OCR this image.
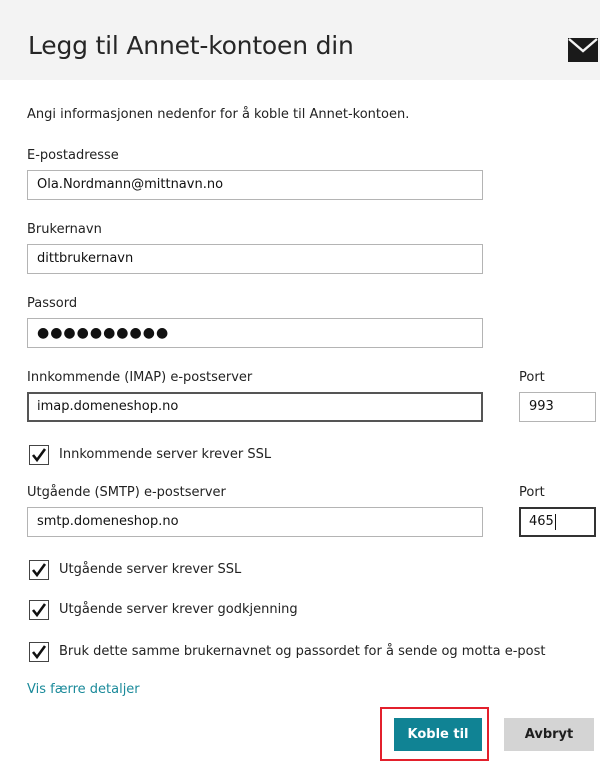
Legg til Annet-kontoen din
Angi informasjonen nedenfor for å koble til Annet-kontoen.
E-postadresse
Ola.Nordmann@mittnavn.no
Brukernavn
dittbrukernavn
Passord
●●●●●●●●●●
Innkommende (IMAP) e-postserver
imap.domeneshop.no
Port
993
Innkommende server krever SSL
Utgående (SMTP) e-postserver
smtp.domeneshop.no
Port
465
Utgående server krever SSL
Utgående server krever godkjenning
Bruk dette samme brukernavnet og passordet for å sende og motta e-post
Vis færre detaljer
Koble til	Avbryt
